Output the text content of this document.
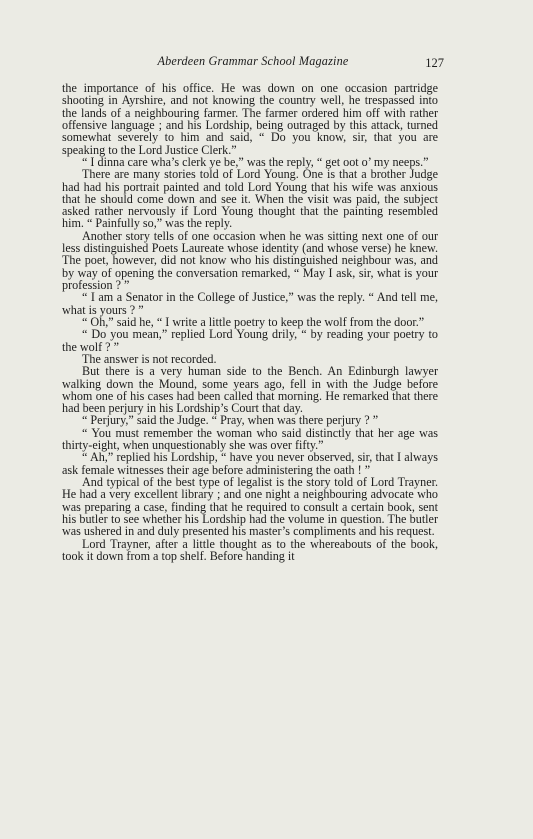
Aberdeen Grammar School Magazine	127

the importance of his office. He was down on one occasion partridge shooting in Ayrshire, and not knowing the country well, he trespassed into the lands of a neighbouring farmer. The farmer ordered him off with rather offensive language ; and his Lordship, being outraged by this attack, turned somewhat severely to him and said, “ Do you know, sir, that you are speaking to the Lord Justice Clerk.”

“ I dinna care wha’s clerk ye be,” was the reply, “ get oot o’ my neeps.”

There are many stories told of Lord Young. One is that a brother Judge had had his portrait painted and told Lord Young that his wife was anxious that he should come down and see it. When the visit was paid, the subject asked rather nervously if Lord Young thought that the painting resembled him. “ Painfully so,” was the reply.

Another story tells of one occasion when he was sitting next one of our less distinguished Poets Laureate whose identity (and whose verse) he knew. The poet, however, did not know who his distinguished neighbour was, and by way of opening the conversation remarked, “ May I ask, sir, what is your profession ? ”

“ I am a Senator in the College of Justice,” was the reply. “ And tell me, what is yours ? ”

“ Oh,” said he, “ I write a little poetry to keep the wolf from the door.”

“ Do you mean,” replied Lord Young drily, “ by reading your poetry to the wolf ? ”

The answer is not recorded.

But there is a very human side to the Bench. An Edinburgh lawyer walking down the Mound, some years ago, fell in with the Judge before whom one of his cases had been called that morning. He remarked that there had been perjury in his Lordship’s Court that day.

“ Perjury,” said the Judge. “ Pray, when was there perjury ? ”

“ You must remember the woman who said distinctly that her age was thirty-eight, when unquestionably she was over fifty.”

“ Ah,” replied his Lordship, “ have you never observed, sir, that I always ask female witnesses their age before administering the oath ! ”

And typical of the best type of legalist is the story told of Lord Trayner. He had a very excellent library ; and one night a neighbouring advocate who was preparing a case, finding that he required to consult a certain book, sent his butler to see whether his Lordship had the volume in question. The butler was ushered in and duly presented his master’s compliments and his request.

Lord Trayner, after a little thought as to the whereabouts of the book, took it down from a top shelf. Before handing it
